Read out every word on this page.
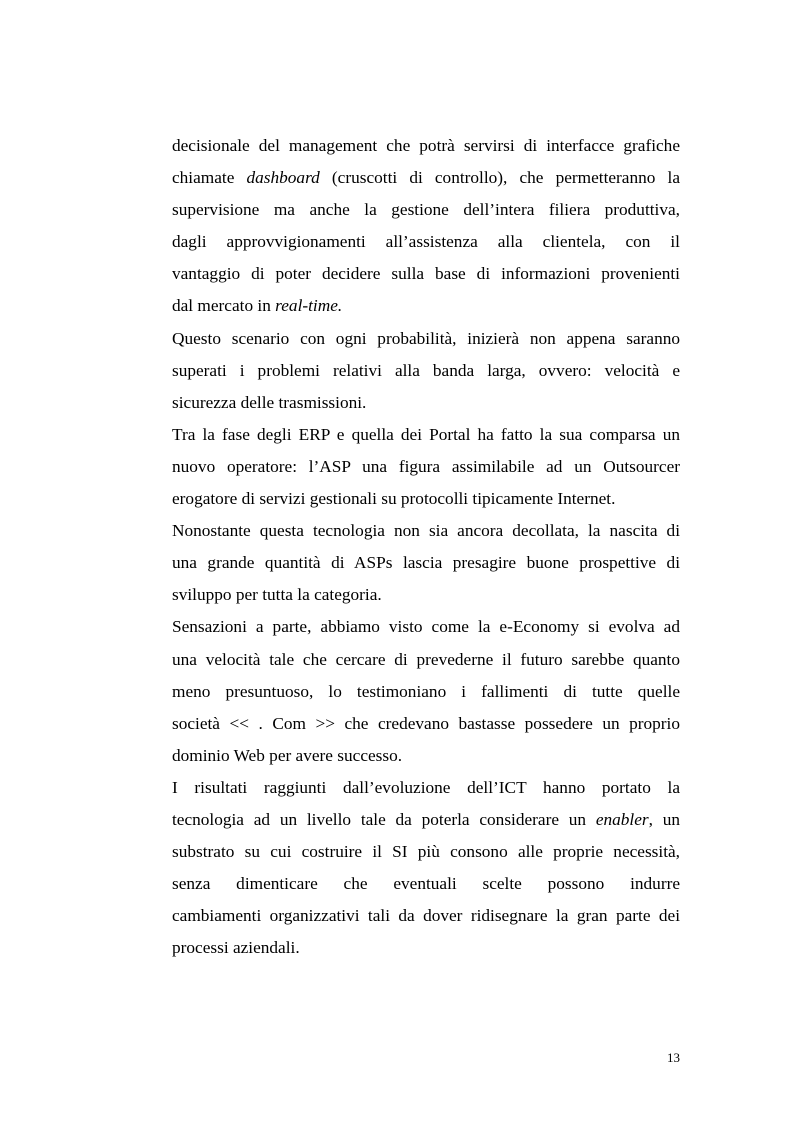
decisionale del management che potrà servirsi di interfacce grafiche
chiamate dashboard (cruscotti di controllo), che permetteranno la
supervisione ma anche la gestione dell’intera filiera produttiva,
dagli approvvigionamenti all’assistenza alla clientela, con il
vantaggio di poter decidere sulla base di informazioni provenienti
dal mercato in real-time.
Questo scenario con ogni probabilità, inizierà non appena saranno
superati i problemi relativi alla banda larga, ovvero: velocità e
sicurezza delle trasmissioni.
Tra la fase degli ERP e quella dei Portal ha fatto la sua comparsa un
nuovo operatore: l’ASP una figura assimilabile ad un Outsourcer
erogatore di servizi gestionali su protocolli tipicamente Internet.
Nonostante questa tecnologia non sia ancora decollata, la nascita di
una grande quantità di ASPs lascia presagire buone prospettive di
sviluppo per tutta la categoria.
Sensazioni a parte, abbiamo visto come la e-Economy si evolva ad
una velocità tale che cercare di prevederne il futuro sarebbe quanto
meno presuntuoso, lo testimoniano i fallimenti di tutte quelle
società << . Com >> che credevano bastasse possedere un proprio
dominio Web per avere successo.
I risultati raggiunti dall’evoluzione dell’ICT hanno portato la
tecnologia ad un livello tale da poterla considerare un enabler, un
substrato su cui costruire il SI più consono alle proprie necessità,
senza dimenticare che eventuali scelte possono indurre
cambiamenti organizzativi tali da dover ridisegnare la gran parte dei
processi aziendali.
13
